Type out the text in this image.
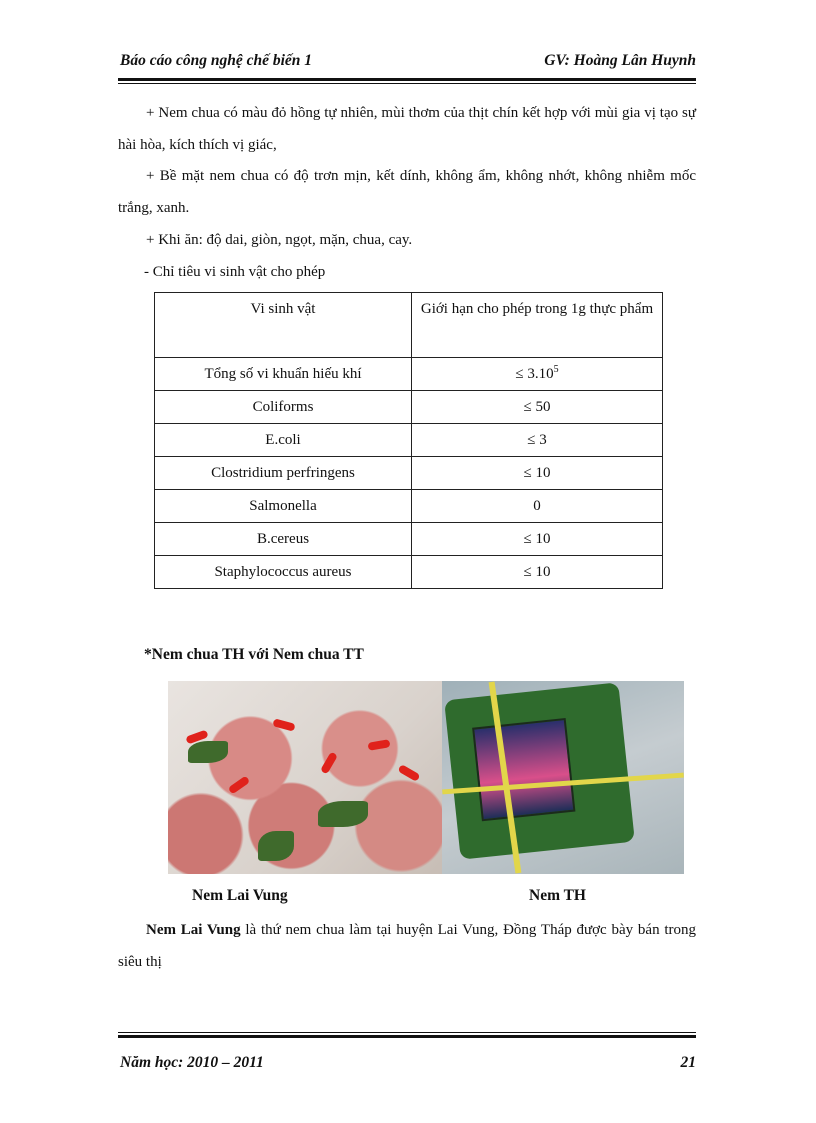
Báo cáo công nghệ chế biến 1	GV: Hoàng Lân Huynh
+ Nem chua có màu đỏ hồng tự nhiên, mùi thơm của thịt chín kết hợp với mùi gia vị tạo sự hài hòa, kích thích vị giác,
+ Bề mặt nem chua có độ trơn mịn, kết dính, không ẩm, không nhớt, không nhiễm mốc trắng, xanh.
+ Khi ăn: độ dai, giòn, ngọt, mặn, chua, cay.
- Chỉ tiêu vi sinh vật cho phép
Vi sinh vật	Giới hạn cho phép trong 1g thực phẩm
Tổng số vi khuẩn hiếu khí	≤ $3.10^5$
Coliforms	≤ 50
E.coli	≤ 3
Clostridium perfringens	≤ 10
Salmonella	0
B.cereus	≤ 10
Staphylococcus aureus	≤ 10
*Nem chua TH với Nem chua TT
Nem Lai Vung	Nem TH
Nem Lai Vung là thứ nem chua làm tại huyện Lai Vung, Đồng Tháp được bày bán trong siêu thị
Năm học: 2010 – 2011	21
